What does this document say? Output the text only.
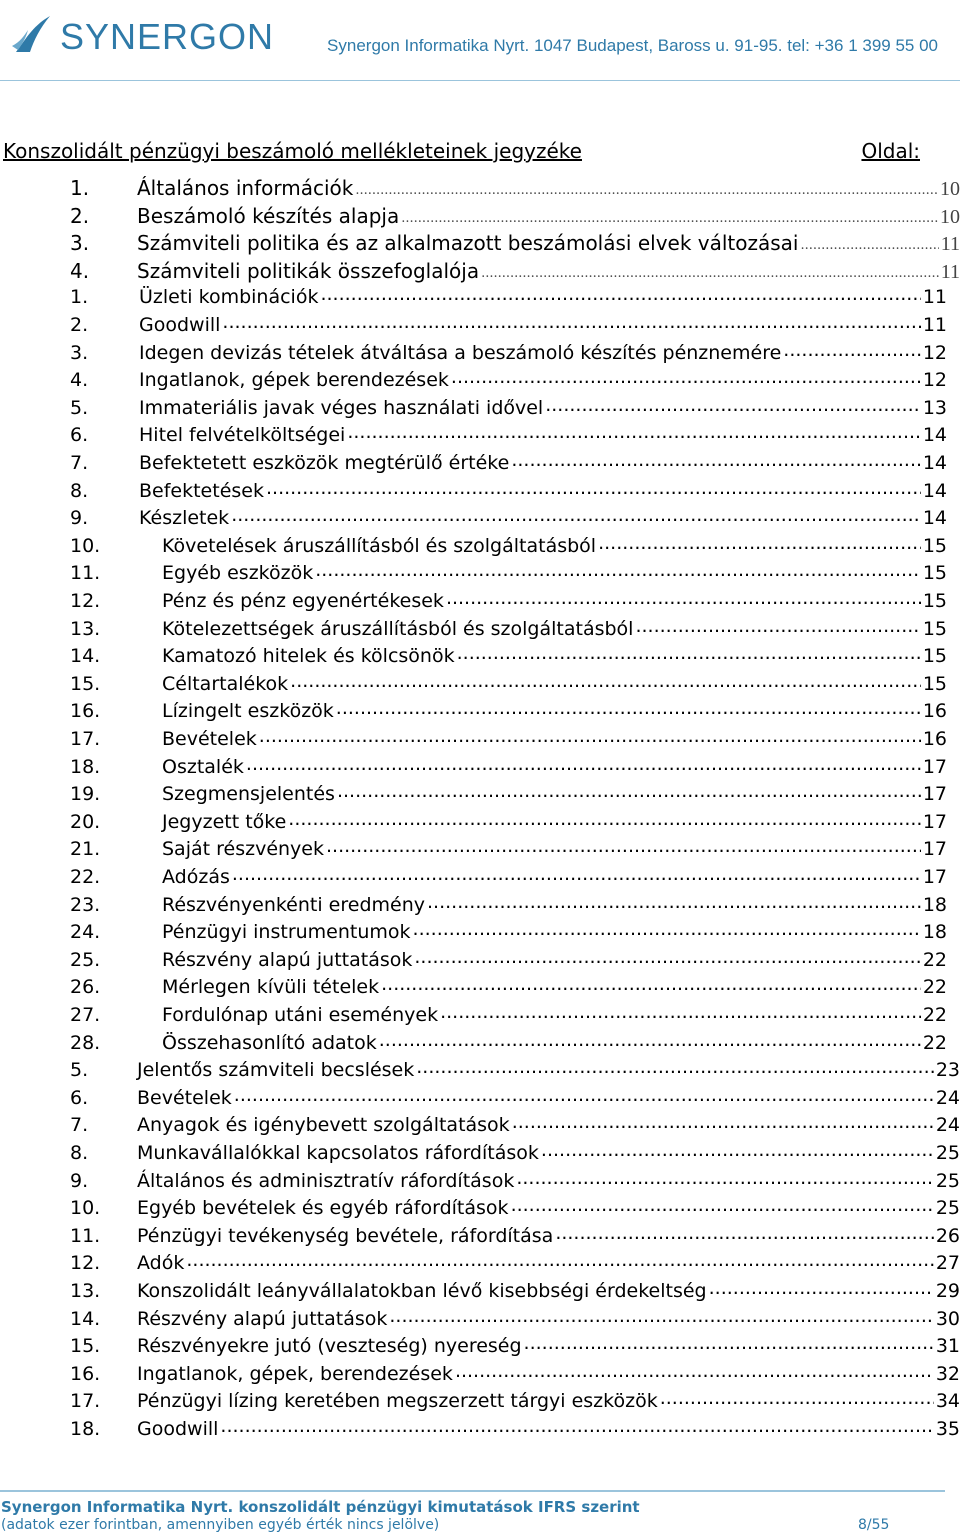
SYNERGON	Synergon Informatika Nyrt. 1047 Budapest, Baross u. 91-95. tel: +36 1 399 55 00
Konszolidált pénzügyi beszámoló mellékleteinek jegyzéke	Oldal:
1.	Általános információk .....	10
2.	Beszámoló készítés alapja .....	10
3.	Számviteli politika és az alkalmazott beszámolási elvek változásai .....	11
4.	Számviteli politikák összefoglalója .....	11
1.	Üzleti kombinációk .....	11
2.	Goodwill .....	11
3.	Idegen devizás tételek átváltása a beszámoló készítés pénznemére .....	12
4.	Ingatlanok, gépek berendezések .....	12
5.	Immateriális javak véges használati idővel .....	13
6.	Hitel felvételköltségei .....	14
7.	Befektetett eszközök megtérülő értéke .....	14
8.	Befektetések .....	14
9.	Készletek .....	14
10.	Követelések áruszállításból és szolgáltatásból .....	15
11.	Egyéb eszközök .....	15
12.	Pénz és pénz egyenértékesek .....	15
13.	Kötelezettségek áruszállításból és szolgáltatásból .....	15
14.	Kamatozó hitelek és kölcsönök .....	15
15.	Céltartalékok .....	15
16.	Lízingelt eszközök .....	16
17.	Bevételek .....	16
18.	Osztalék .....	17
19.	Szegmensjelentés .....	17
20.	Jegyzett tőke .....	17
21.	Saját részvények .....	17
22.	Adózás .....	17
23.	Részvényenkénti eredmény .....	18
24.	Pénzügyi instrumentumok .....	18
25.	Részvény alapú juttatások .....	22
26.	Mérlegen kívüli tételek .....	22
27.	Fordulónap utáni események .....	22
28.	Összehasonlító adatok .....	22
5.	Jelentős számviteli becslések .....	23
6.	Bevételek .....	24
7.	Anyagok és igénybevett szolgáltatások .....	24
8.	Munkavállalókkal kapcsolatos ráfordítások .....	25
9.	Általános és adminisztratív ráfordítások .....	25
10.	Egyéb bevételek és egyéb ráfordítások .....	25
11.	Pénzügyi tevékenység bevétele, ráfordítása .....	26
12.	Adók .....	27
13.	Konszolidált leányvállalatokban lévő kisebbségi érdekeltség .....	29
14.	Részvény alapú juttatások .....	30
15.	Részvényekre jutó (veszteség) nyereség .....	31
16.	Ingatlanok, gépek, berendezések .....	32
17.	Pénzügyi lízing keretében megszerzett tárgyi eszközök .....	34
18.	Goodwill .....	35
Synergon Informatika Nyrt. konszolidált pénzügyi kimutatások IFRS szerint
(adatok ezer forintban, amennyiben egyéb érték nincs jelölve)	8/55
